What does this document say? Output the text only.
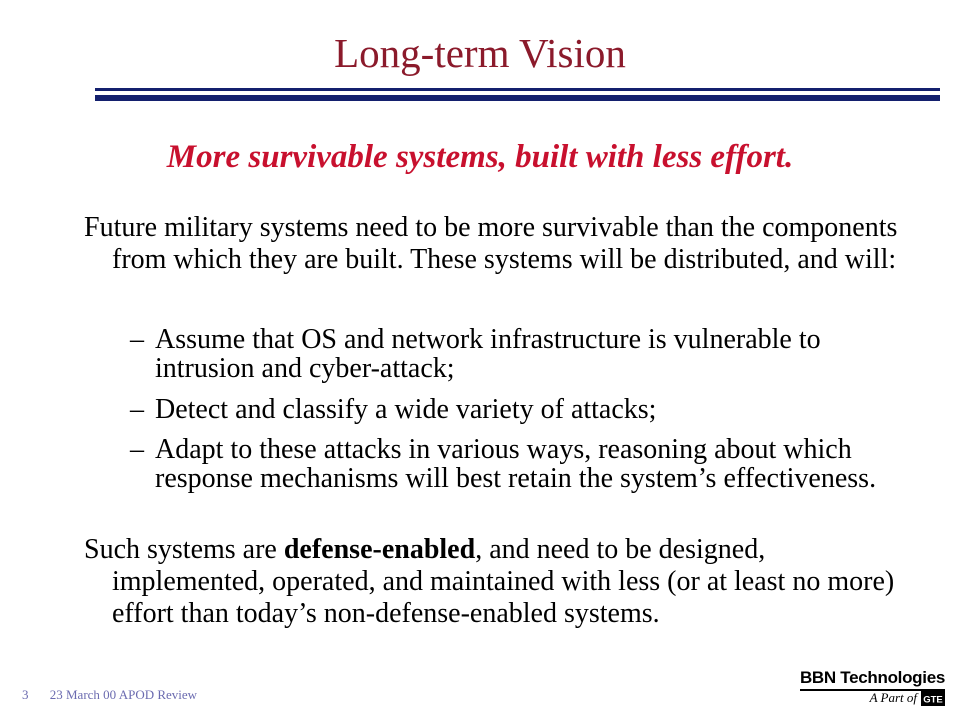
Long-term Vision
More survivable systems, built with less effort.
Future military systems need to be more survivable than the components from which they are built. These systems will be distributed, and will:
– Assume that OS and network infrastructure is vulnerable to intrusion and cyber-attack;
– Detect and classify a wide variety of attacks;
– Adapt to these attacks in various ways, reasoning about which response mechanisms will best retain the system’s effectiveness.
Such systems are defense-enabled, and need to be designed, implemented, operated, and maintained with less (or at least no more) effort than today’s non-defense-enabled systems.
3 23 March 00 APOD Review
BBN Technologies
A Part of GTE
